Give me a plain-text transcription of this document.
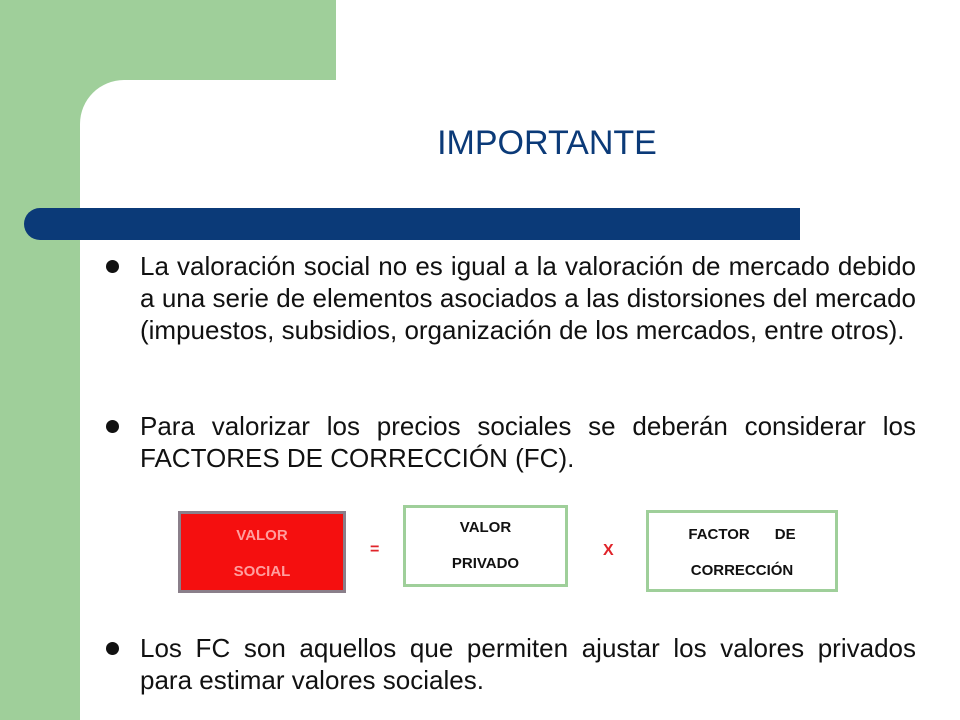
IMPORTANTE
La valoración social no es igual a la valoración de mercado debido a una serie de elementos asociados a las distorsiones del mercado (impuestos, subsidios, organización de los mercados, entre otros).
Para valorizar los precios sociales se deberán considerar los FACTORES DE CORRECCIÓN (FC).
VALOR
SOCIAL
=
VALOR
PRIVADO
X
FACTOR      DE
CORRECCIÓN
Los FC son aquellos que permiten ajustar los valores privados para estimar valores sociales.
